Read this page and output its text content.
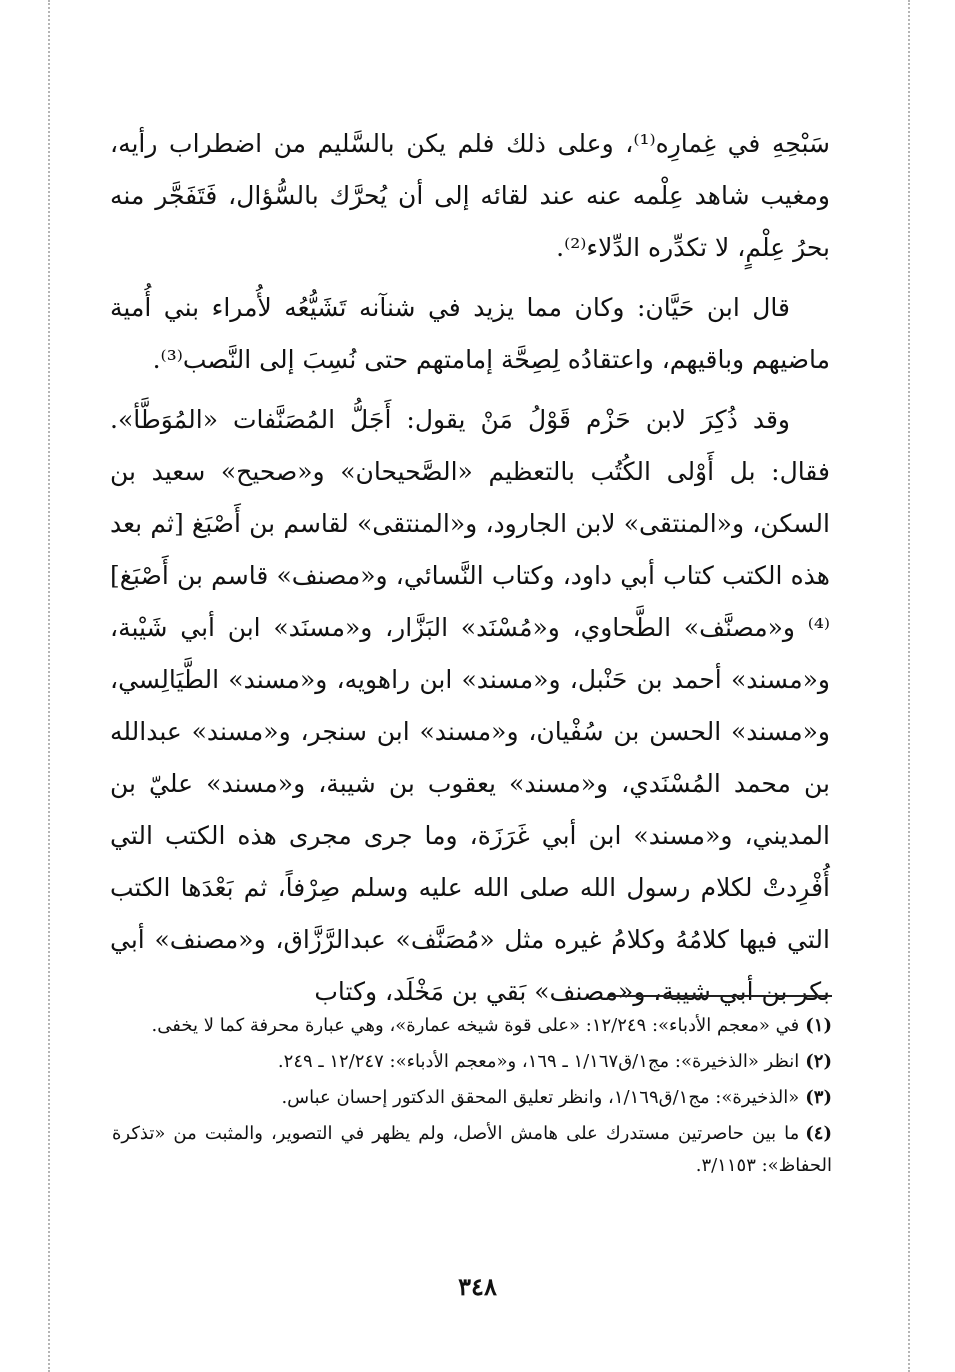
سَبْحِهِ في غِمارِه⁽¹⁾، وعلى ذلك فلم يكن بالسَّليم من اضطراب رأيه، ومغيب شاهد عِلْمه عنه عند لقائه إلى أن يُحرَّك بالسُّؤال، فَتَفَجَّر منه بحرُ عِلْمٍ، لا تكدِّره الدِّلاء⁽²⁾.

قال ابن حَيَّان: وكان مما يزيد في شنآنه تَشَيُّعُه لأُمراء بني أُمية ماضيهم وباقيهم، واعتقادُه لِصِحَّة إمامتهم حتى نُسِبَ إلى النَّصب⁽³⁾.

وقد ذُكِرَ لابن حَزْم قَوْلُ مَنْ يقول: أَجَلُّ المُصَنَّفات «المُوَطَّأ». فقال: بل أَوْلى الكُتُب بالتعظيم «الصَّحيحان» و«صحيح» سعيد بن السكن، و«المنتقى» لابن الجارود، و«المنتقى» لقاسم بن أَصْبَغ [ثم بعد هذه الكتب كتاب أبي داود، وكتاب النَّسائي، و«مصنف» قاسم بن أَصْبَغ]⁽⁴⁾ و«مصنَّف» الطَّحاوي، و«مُسْنَد» البَزَّار، و«مسنَد» ابن أبي شَيْبة، و«مسند» أحمد بن حَنْبل، و«مسند» ابن راهويه، و«مسند» الطَّيَالِسي، و«مسند» الحسن بن سُفْيان، و«مسند» ابن سنجر، و«مسند» عبدالله بن محمد المُسْنَدي، و«مسند» يعقوب بن شيبة، و«مسند» عليّ بن المديني، و«مسند» ابن أبي غَرَزَة، وما جرى مجرى هذه الكتب التي أُفْرِدتْ لكلام رسول الله صلى الله عليه وسلم صِرْفاً، ثم بَعْدَها الكتب التي فيها كلامُهُ وكلامُ غيره مثل «مُصَنَّف» عبدالرَّزَّاق، و«مصنف» أبي بكر بن أبي شيبة، و«مصنف» بَقي بن مَخْلَد، وكتاب

(١)في «معجم الأدباء»: ١٢/٢٤٩: «على قوة شيخه عمارة»، وهي عبارة محرفة كما لا يخفى.

(٢)انظر «الذخيرة»: مج١/ق١/١٦٧ ـ ١٦٩، و«معجم الأدباء»: ١٢/٢٤٧ ـ ٢٤٩.

(٣)«الذخيرة»: مج١/ق١/١٦٩، وانظر تعليق المحقق الدكتور إحسان عباس.

(٤)ما بين حاصرتين مستدرك على هامش الأصل، ولم يظهر في التصوير، والمثبت من «تذكرة الحفاظ»: ٣/١١٥٣.

٣٤٨
